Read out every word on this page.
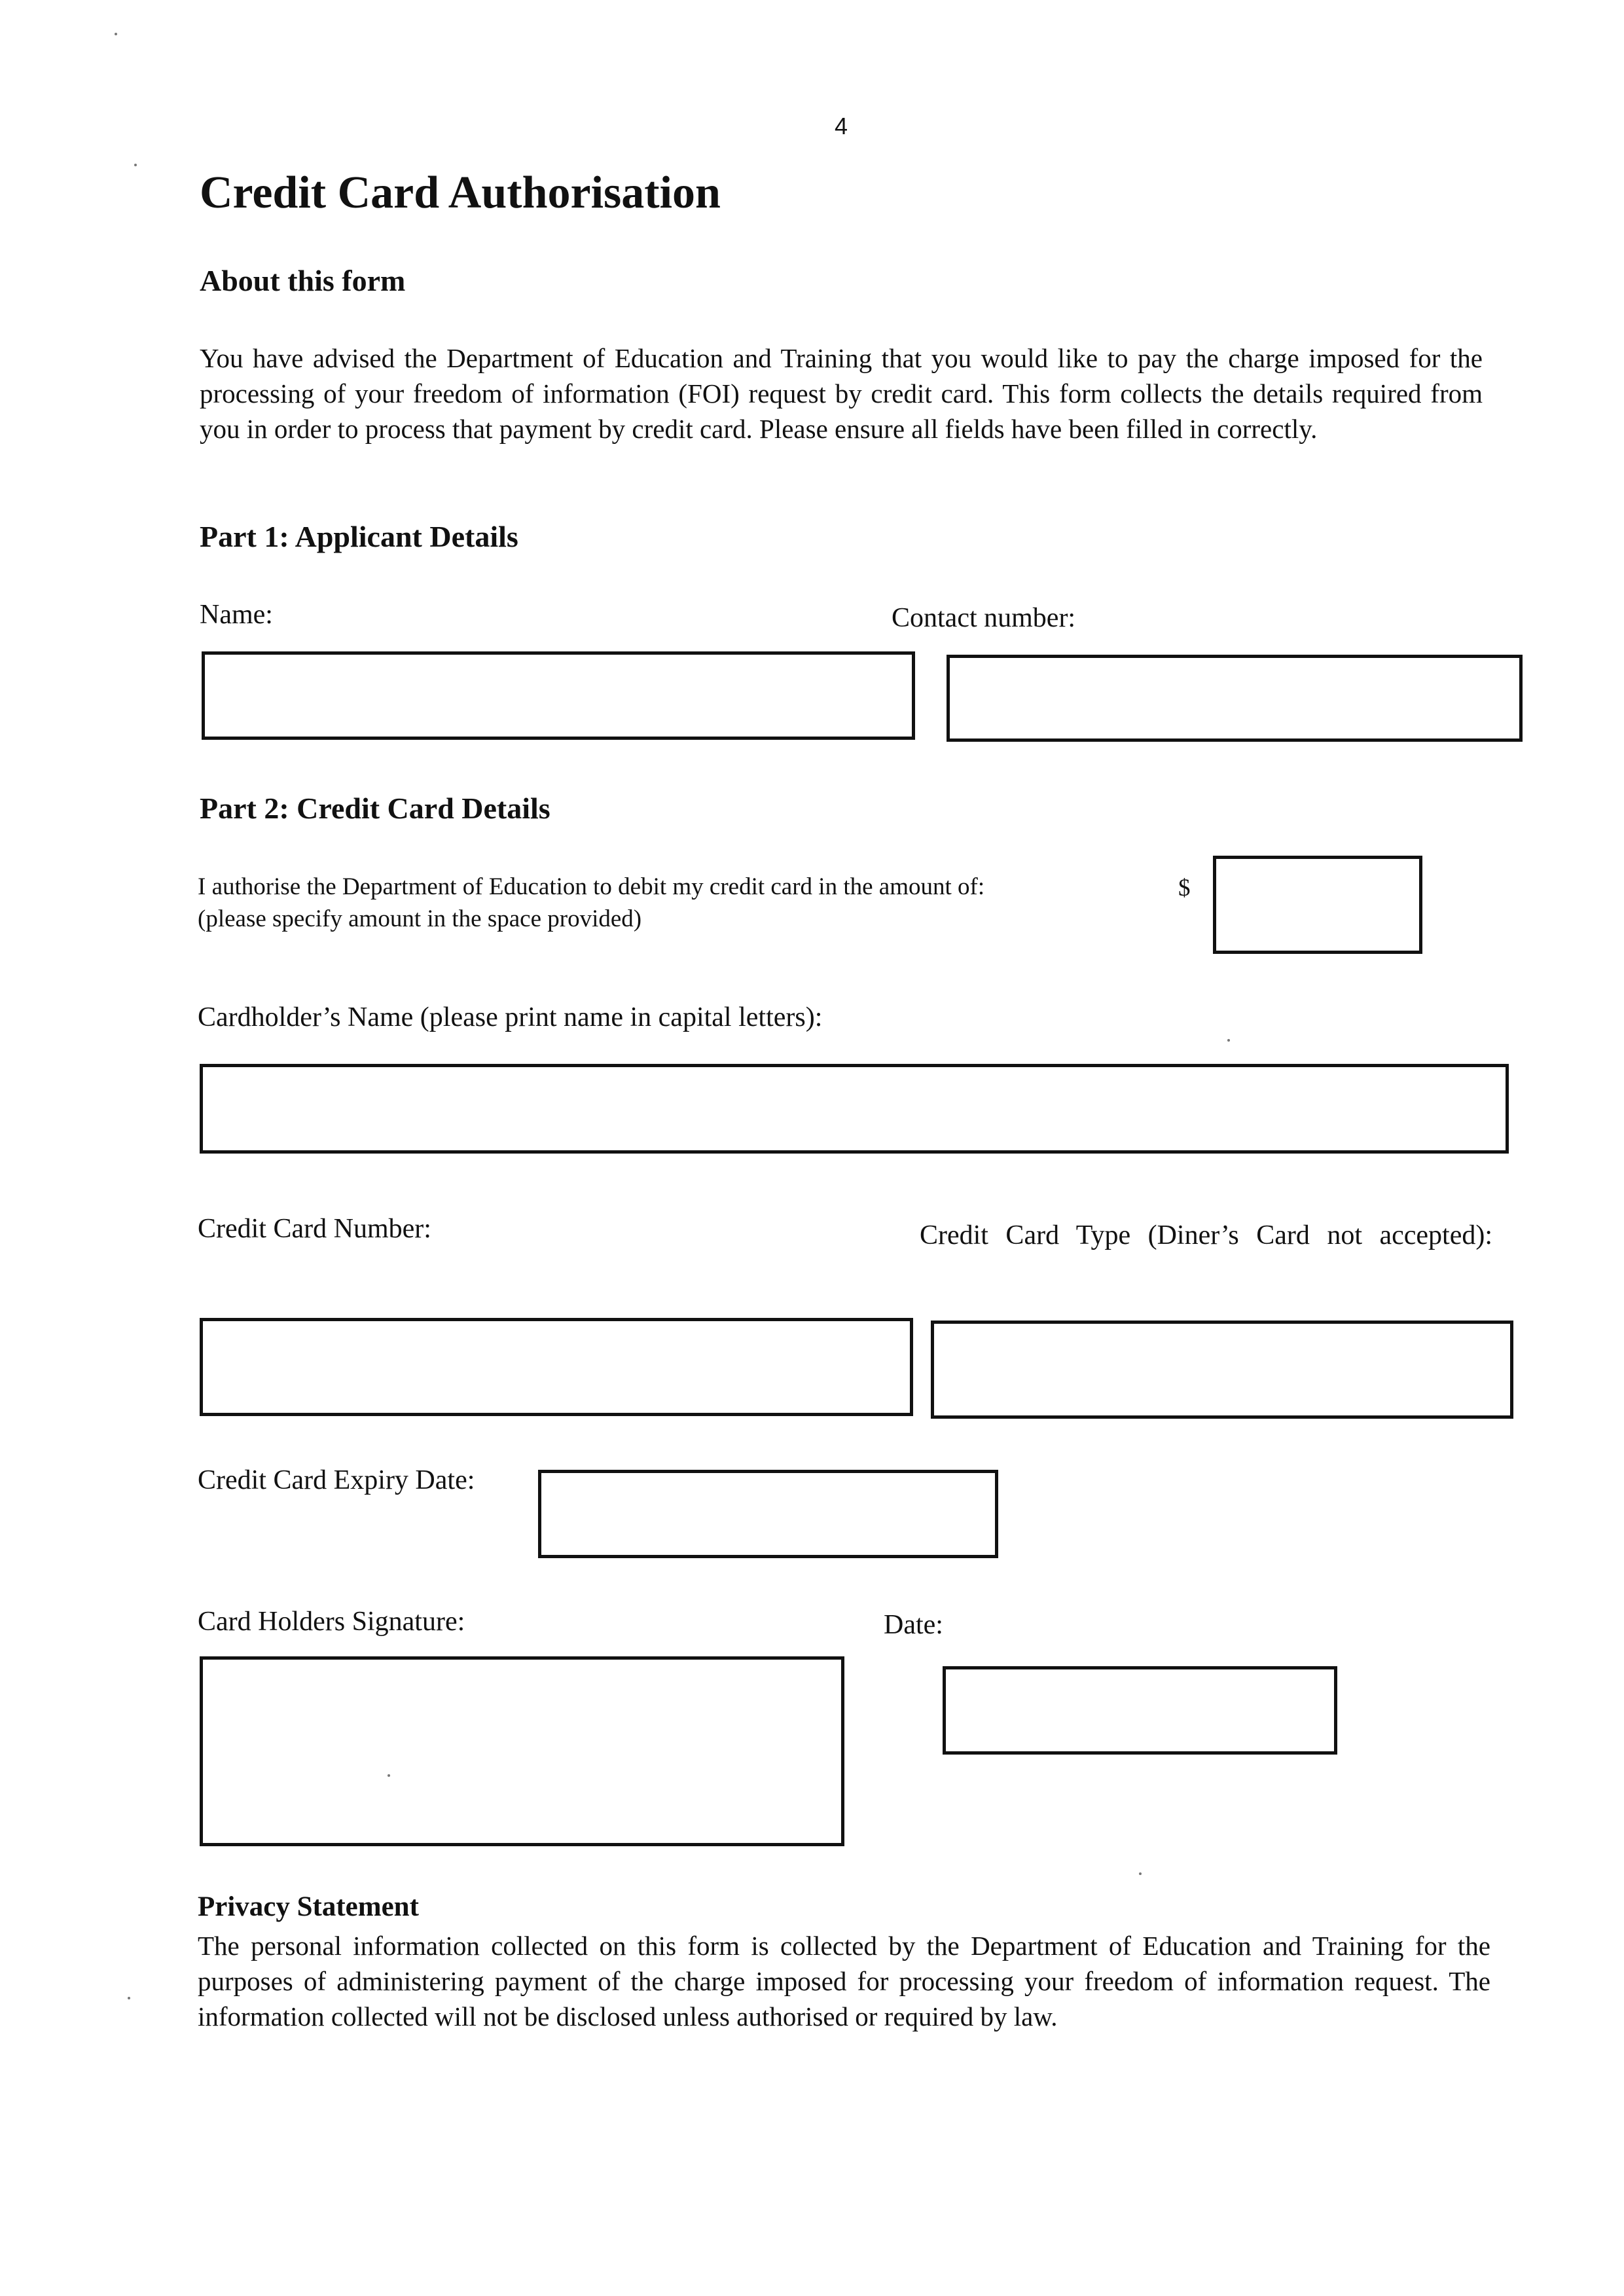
4
Credit Card Authorisation
About this form
You have advised the Department of Education and Training that you would like to pay the charge imposed for the processing of your freedom of information (FOI) request by credit card. This form collects the details required from you in order to process that payment by credit card. Please ensure all fields have been filled in correctly.
Part 1: Applicant Details
Name:	Contact number:
Part 2: Credit Card Details
I authorise the Department of Education to debit my credit card in the amount of:
(please specify amount in the space provided)
$
Cardholder’s Name (please print name in capital letters):
Credit Card Number:	Credit Card Type (Diner’s Card not accepted):
Credit Card Expiry Date:
Card Holders Signature:	Date:
Privacy Statement
The personal information collected on this form is collected by the Department of Education and Training for the purposes of administering payment of the charge imposed for processing your freedom of information request. The information collected will not be disclosed unless authorised or required by law.
